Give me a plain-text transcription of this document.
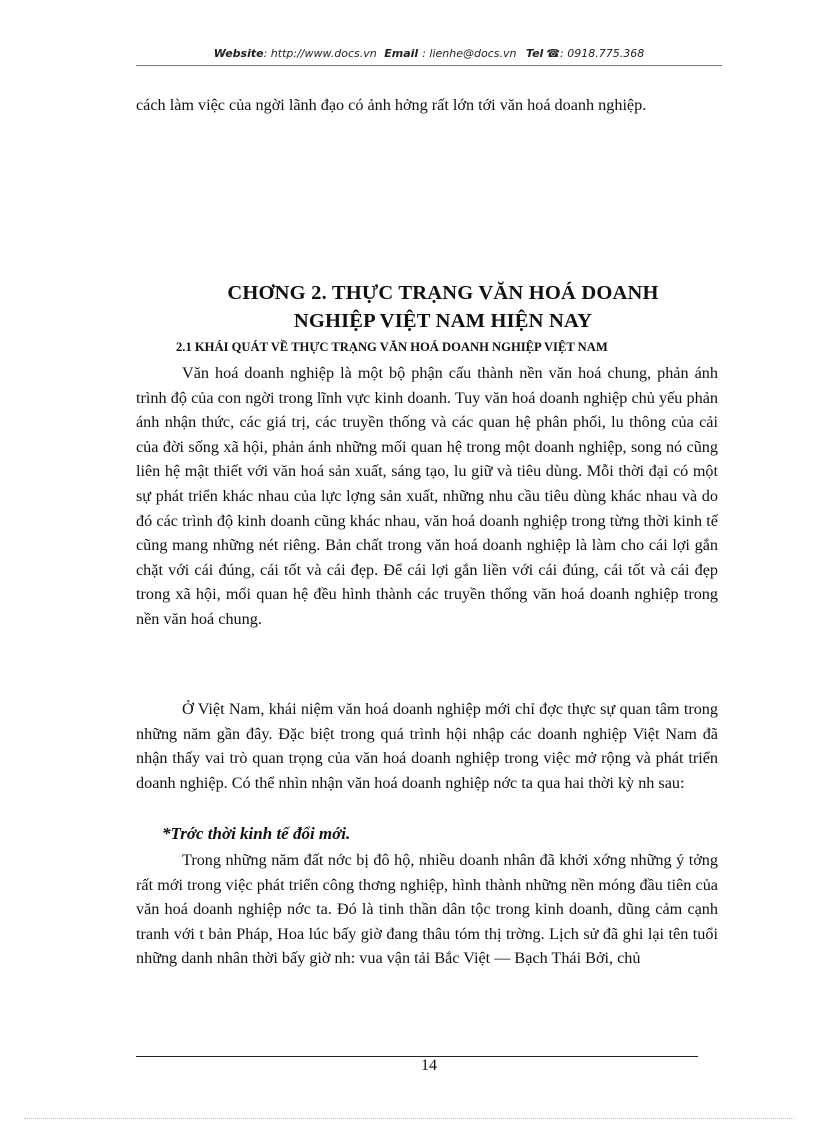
Website: http://www.docs.vn Email : lienhe@docs.vn Tel ☎: 0918.775.368

cách làm việc của ngời lãnh đạo có ảnh hởng rất lớn tới văn hoá doanh nghiệp.

CHƠNG 2. THỰC TRẠNG VĂN HOÁ DOANH

NGHIỆP VIỆT NAM HIỆN NAY

2.1 KHÁI QUÁT VỀ THỰC TRẠNG VĂN HOÁ DOANH NGHIỆP VIỆT NAM

Văn hoá doanh nghiệp là một bộ phận cấu thành nền văn hoá chung, phản ánh trình độ của con ngời trong lĩnh vực kinh doanh. Tuy văn hoá doanh nghiệp chủ yếu phản ánh nhận thức, các giá trị, các truyền thống và các quan hệ phân phối, lu thông của cải của đời sống xã hội, phản ánh những mối quan hệ trong một doanh nghiệp, song nó cũng liên hệ mật thiết với văn hoá sản xuất, sáng tạo, lu giữ và tiêu dùng. Mỗi thời đại có một sự phát triển khác nhau của lực lợng sản xuất, những nhu cầu tiêu dùng khác nhau và do đó các trình độ kinh doanh cũng khác nhau, văn hoá doanh nghiệp trong từng thời kinh tế cũng mang những nét riêng. Bản chất trong văn hoá doanh nghiệp là làm cho cái lợi gắn chặt với cái đúng, cái tốt và cái đẹp. Để cái lợi gắn liền với cái đúng, cái tốt và cái đẹp trong xã hội, mối quan hệ đều hình thành các truyền thống văn hoá doanh nghiệp trong nền văn hoá chung.

Ở Việt Nam, khái niệm văn hoá doanh nghiệp mới chỉ đợc thực sự quan tâm trong những năm gần đây. Đặc biệt trong quá trình hội nhập các doanh nghiệp Việt Nam đã nhận thấy vai trò quan trọng của văn hoá doanh nghiệp trong việc mở rộng và phát triển doanh nghiệp. Có thể nhìn nhận văn hoá doanh nghiệp nớc ta qua hai thời kỳ nh sau:

*Trớc thời kinh tế đổi mới.

Trong những năm đất nớc bị đô hộ, nhiều doanh nhân đã khởi xớng những ý tởng rất mới trong việc phát triển công thơng nghiệp, hình thành những nền móng đầu tiên của văn hoá doanh nghiệp nớc ta. Đó là tinh thần dân tộc trong kinh doanh, dũng cảm cạnh tranh với t bản Pháp, Hoa lúc bấy giờ đang thâu tóm thị trờng. Lịch sử đã ghi lại tên tuổi những danh nhân thời bấy giờ nh: vua vận tải Bắc Việt — Bạch Thái Bởi, chủ

14
